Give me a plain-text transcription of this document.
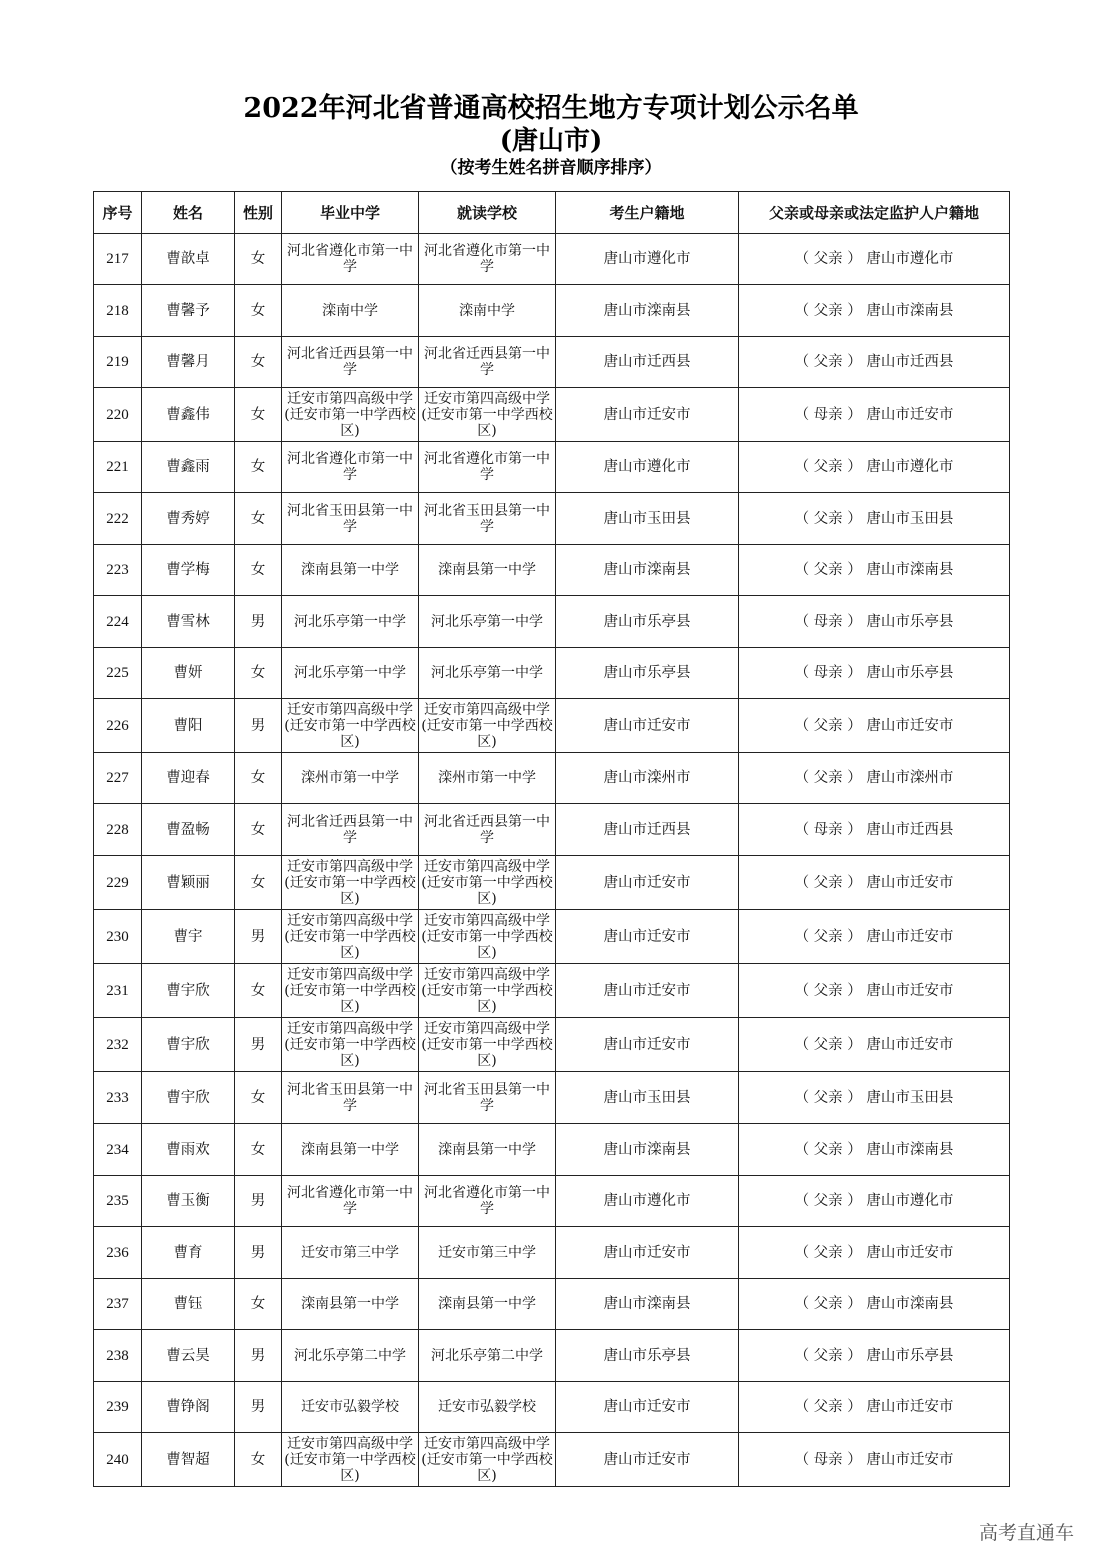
2022年河北省普通高校招生地方专项计划公示名单
(唐山市)
（按考生姓名拼音顺序排序）
序号	姓名	性别	毕业中学	就读学校	考生户籍地	父亲或母亲或法定监护人户籍地
217	曹歆卓	女	河北省遵化市第一中学	河北省遵化市第一中学	唐山市遵化市	（ 父亲 ） 唐山市遵化市
218	曹馨予	女	滦南中学	滦南中学	唐山市滦南县	（ 父亲 ） 唐山市滦南县
219	曹馨月	女	河北省迁西县第一中学	河北省迁西县第一中学	唐山市迁西县	（ 父亲 ） 唐山市迁西县
220	曹鑫伟	女	迁安市第四高级中学(迁安市第一中学西校区)	迁安市第四高级中学(迁安市第一中学西校区)	唐山市迁安市	（ 母亲 ） 唐山市迁安市
221	曹鑫雨	女	河北省遵化市第一中学	河北省遵化市第一中学	唐山市遵化市	（ 父亲 ） 唐山市遵化市
222	曹秀婷	女	河北省玉田县第一中学	河北省玉田县第一中学	唐山市玉田县	（ 父亲 ） 唐山市玉田县
223	曹学梅	女	滦南县第一中学	滦南县第一中学	唐山市滦南县	（ 父亲 ） 唐山市滦南县
224	曹雪林	男	河北乐亭第一中学	河北乐亭第一中学	唐山市乐亭县	（ 母亲 ） 唐山市乐亭县
225	曹妍	女	河北乐亭第一中学	河北乐亭第一中学	唐山市乐亭县	（ 母亲 ） 唐山市乐亭县
226	曹阳	男	迁安市第四高级中学(迁安市第一中学西校区)	迁安市第四高级中学(迁安市第一中学西校区)	唐山市迁安市	（ 父亲 ） 唐山市迁安市
227	曹迎春	女	滦州市第一中学	滦州市第一中学	唐山市滦州市	（ 父亲 ） 唐山市滦州市
228	曹盈畅	女	河北省迁西县第一中学	河北省迁西县第一中学	唐山市迁西县	（ 母亲 ） 唐山市迁西县
229	曹颖丽	女	迁安市第四高级中学(迁安市第一中学西校区)	迁安市第四高级中学(迁安市第一中学西校区)	唐山市迁安市	（ 父亲 ） 唐山市迁安市
230	曹宇	男	迁安市第四高级中学(迁安市第一中学西校区)	迁安市第四高级中学(迁安市第一中学西校区)	唐山市迁安市	（ 父亲 ） 唐山市迁安市
231	曹宇欣	女	迁安市第四高级中学(迁安市第一中学西校区)	迁安市第四高级中学(迁安市第一中学西校区)	唐山市迁安市	（ 父亲 ） 唐山市迁安市
232	曹宇欣	男	迁安市第四高级中学(迁安市第一中学西校区)	迁安市第四高级中学(迁安市第一中学西校区)	唐山市迁安市	（ 父亲 ） 唐山市迁安市
233	曹宇欣	女	河北省玉田县第一中学	河北省玉田县第一中学	唐山市玉田县	（ 父亲 ） 唐山市玉田县
234	曹雨欢	女	滦南县第一中学	滦南县第一中学	唐山市滦南县	（ 父亲 ） 唐山市滦南县
235	曹玉衡	男	河北省遵化市第一中学	河北省遵化市第一中学	唐山市遵化市	（ 父亲 ） 唐山市遵化市
236	曹育	男	迁安市第三中学	迁安市第三中学	唐山市迁安市	（ 父亲 ） 唐山市迁安市
237	曹钰	女	滦南县第一中学	滦南县第一中学	唐山市滦南县	（ 父亲 ） 唐山市滦南县
238	曹云昊	男	河北乐亭第二中学	河北乐亭第二中学	唐山市乐亭县	（ 父亲 ） 唐山市乐亭县
239	曹铮阁	男	迁安市弘毅学校	迁安市弘毅学校	唐山市迁安市	（ 父亲 ） 唐山市迁安市
240	曹智超	女	迁安市第四高级中学(迁安市第一中学西校区)	迁安市第四高级中学(迁安市第一中学西校区)	唐山市迁安市	（ 母亲 ） 唐山市迁安市
高考直通车
